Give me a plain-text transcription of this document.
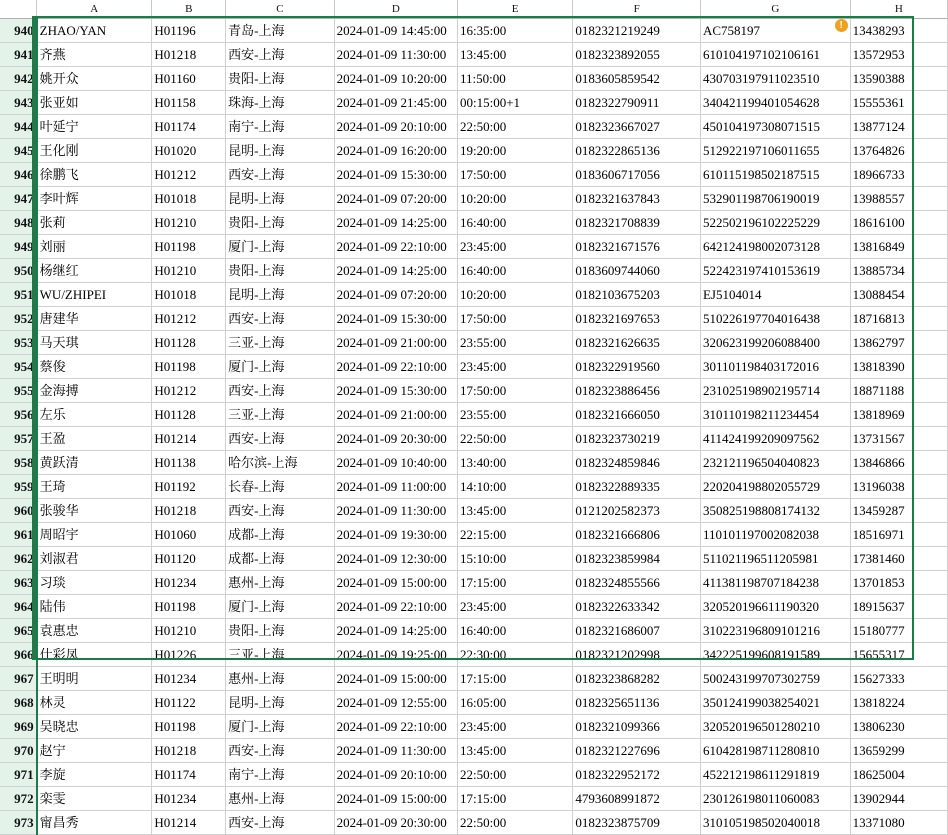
	A	B	C	D	E	F	G	H
940	ZHAO/YAN	H01196	青岛-上海	2024-01-09 14:45:00	16:35:00	0182321219249	AC758197 !	13438293
941	齐燕	H01218	西安-上海	2024-01-09 11:30:00	13:45:00	0182323892055	610104197102106161	13572953
942	姚开众	H01160	贵阳-上海	2024-01-09 10:20:00	11:50:00	0183605859542	430703197911023510	13590388
943	张亚如	H01158	珠海-上海	2024-01-09 21:45:00	00:15:00+1	0182322790911	340421199401054628	15555361
944	叶延宁	H01174	南宁-上海	2024-01-09 20:10:00	22:50:00	0182323667027	450104197308071515	13877124
945	王化刚	H01020	昆明-上海	2024-01-09 16:20:00	19:20:00	0182322865136	512922197106011655	13764826
946	徐鹏飞	H01212	西安-上海	2024-01-09 15:30:00	17:50:00	0183606717056	610115198502187515	18966733
947	李叶辉	H01018	昆明-上海	2024-01-09 07:20:00	10:20:00	0182321637843	532901198706190019	13988557
948	张莉	H01210	贵阳-上海	2024-01-09 14:25:00	16:40:00	0182321708839	522502196102225229	18616100
949	刘丽	H01198	厦门-上海	2024-01-09 22:10:00	23:45:00	0182321671576	642124198002073128	13816849
950	杨继红	H01210	贵阳-上海	2024-01-09 14:25:00	16:40:00	0183609744060	522423197410153619	13885734
951	WU/ZHIPEI	H01018	昆明-上海	2024-01-09 07:20:00	10:20:00	0182103675203	EJ5104014	13088454
952	唐建华	H01212	西安-上海	2024-01-09 15:30:00	17:50:00	0182321697653	510226197704016438	18716813
953	马天琪	H01128	三亚-上海	2024-01-09 21:00:00	23:55:00	0182321626635	320623199206088400	13862797
954	蔡俊	H01198	厦门-上海	2024-01-09 22:10:00	23:45:00	0182322919560	301101198403172016	13818390
955	金海搏	H01212	西安-上海	2024-01-09 15:30:00	17:50:00	0182323886456	231025198902195714	18871188
956	左乐	H01128	三亚-上海	2024-01-09 21:00:00	23:55:00	0182321666050	310110198211234454	13818969
957	王盈	H01214	西安-上海	2024-01-09 20:30:00	22:50:00	0182323730219	411424199209097562	13731567
958	黄跃清	H01138	哈尔滨-上海	2024-01-09 10:40:00	13:40:00	0182324859846	232121196504040823	13846866
959	王琦	H01192	长春-上海	2024-01-09 11:00:00	14:10:00	0182322889335	220204198802055729	13196038
960	张骏华	H01218	西安-上海	2024-01-09 11:30:00	13:45:00	0121202582373	350825198808174132	13459287
961	周昭宇	H01060	成都-上海	2024-01-09 19:30:00	22:15:00	0182321666806	110101197002082038	18516971
962	刘淑君	H01120	成都-上海	2024-01-09 12:30:00	15:10:00	0182323859984	511021196511205981	17381460
963	习琰	H01234	惠州-上海	2024-01-09 15:00:00	17:15:00	0182324855566	411381198707184238	13701853
964	陆伟	H01198	厦门-上海	2024-01-09 22:10:00	23:45:00	0182322633342	320520196611190320	18915637
965	袁惠忠	H01210	贵阳-上海	2024-01-09 14:25:00	16:40:00	0182321686007	310223196809101216	15180777
966	仕彩凤	H01226	三亚-上海	2024-01-09 19:25:00	22:30:00	0182321202998	342225199608191589	15655317
967	王明明	H01234	惠州-上海	2024-01-09 15:00:00	17:15:00	0182323868282	500243199707302759	15627333
968	林灵	H01122	昆明-上海	2024-01-09 12:55:00	16:05:00	0182325651136	350124199038254021	13818224
969	吴晓忠	H01198	厦门-上海	2024-01-09 22:10:00	23:45:00	0182321099366	320520196501280210	13806230
970	赵宁	H01218	西安-上海	2024-01-09 11:30:00	13:45:00	0182321227696	610428198711280810	13659299
971	李旋	H01174	南宁-上海	2024-01-09 20:10:00	22:50:00	0182322952172	452212198611291819	18625004
972	栾雯	H01234	惠州-上海	2024-01-09 15:00:00	17:15:00	4793608991872	230126198011060083	13902944
973	甯昌秀	H01214	西安-上海	2024-01-09 20:30:00	22:50:00	0182323875709	310105198502040018	13371080
